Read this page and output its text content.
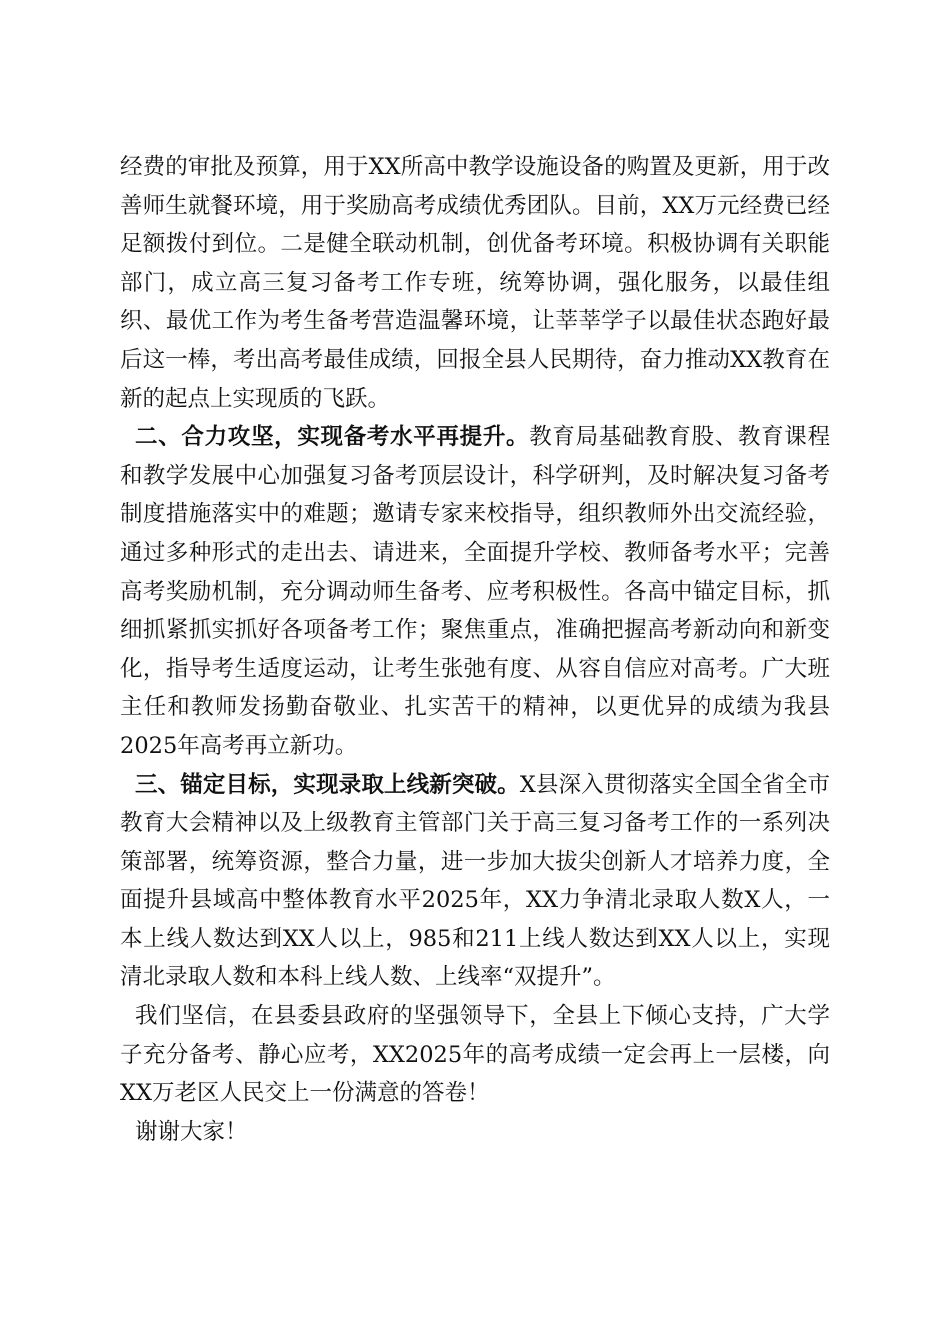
经费的审批及预算，用于XX所高中教学设施设备的购置及更新，用于改善师生就餐环境，用于奖励高考成绩优秀团队。目前，XX万元经费已经足额拨付到位。二是健全联动机制，创优备考环境。积极协调有关职能部门，成立高三复习备考工作专班，统筹协调，强化服务，以最佳组织、最优工作为考生备考营造温馨环境，让莘莘学子以最佳状态跑好最后这一棒，考出高考最佳成绩，回报全县人民期待，奋力推动XX教育在新的起点上实现质的飞跃。

二、合力攻坚，实现备考水平再提升。教育局基础教育股、教育课程和教学发展中心加强复习备考顶层设计，科学研判，及时解决复习备考制度措施落实中的难题；邀请专家来校指导，组织教师外出交流经验，通过多种形式的走出去、请进来，全面提升学校、教师备考水平；完善高考奖励机制，充分调动师生备考、应考积极性。各高中锚定目标，抓细抓紧抓实抓好各项备考工作；聚焦重点，准确把握高考新动向和新变化，指导考生适度运动，让考生张弛有度、从容自信应对高考。广大班主任和教师发扬勤奋敬业、扎实苦干的精神，以更优异的成绩为我县2025年高考再立新功。

三、锚定目标，实现录取上线新突破。X县深入贯彻落实全国全省全市教育大会精神以及上级教育主管部门关于高三复习备考工作的一系列决策部署，统筹资源，整合力量，进一步加大拔尖创新人才培养力度，全面提升县域高中整体教育水平2025年，XX力争清北录取人数X人，一本上线人数达到XX人以上，985和211上线人数达到XX人以上，实现清北录取人数和本科上线人数、上线率“双提升”。

我们坚信，在县委县政府的坚强领导下，全县上下倾心支持，广大学子充分备考、静心应考，XX2025年的高考成绩一定会再上一层楼，向XX万老区人民交上一份满意的答卷！

谢谢大家！
